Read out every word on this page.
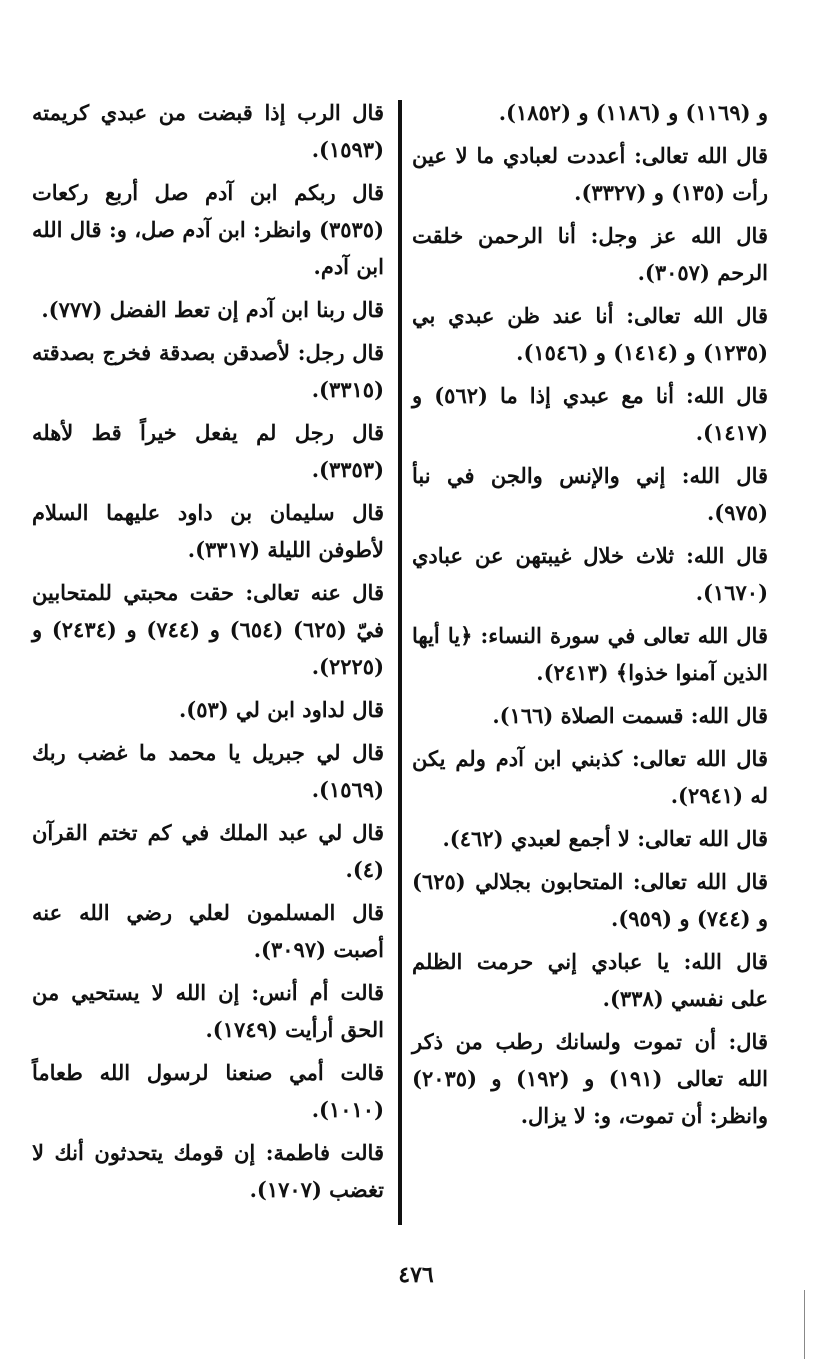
و (١١٦٩) و (١١٨٦) و (١٨٥٢).

قال الله تعالى: أعددت لعبادي ما لا عين رأت (١٣٥) و (٣٣٢٧).

قال الله عز وجل: أنا الرحمن خلقت الرحم (٣٠٥٧).

قال الله تعالى: أنا عند ظن عبدي بي (١٢٣٥) و (١٤١٤) و (١٥٤٦).

قال الله: أنا مع عبدي إذا ما (٥٦٢) و (١٤١٧).

قال الله: إني والإنس والجن في نبأ (٩٧٥).

قال الله: ثلاث خلال غيبتهن عن عبادي (١٦٧٠).

قال الله تعالى في سورة النساء: ﴿يا أيها الذين آمنوا خذوا﴾ (٢٤١٣).

قال الله: قسمت الصلاة (١٦٦).

قال الله تعالى: كذبني ابن آدم ولم يكن له (٢٩٤١).

قال الله تعالى: لا أجمع لعبدي (٤٦٢).

قال الله تعالى: المتحابون بجلالي (٦٢٥) و (٧٤٤) و (٩٥٩).

قال الله: يا عبادي إني حرمت الظلم على نفسي (٣٣٨).

قال: أن تموت ولسانك رطب من ذكر الله تعالى (١٩١) و (١٩٢) و (٢٠٣٥) وانظر: أن تموت، و: لا يزال.

قال الرب إذا قبضت من عبدي كريمته (١٥٩٣).

قال ربكم ابن آدم صل أربع ركعات (٣٥٣٥) وانظر: ابن آدم صل، و: قال الله ابن آدم.

قال ربنا ابن آدم إن تعط الفضل (٧٧٧).

قال رجل: لأصدقن بصدقة فخرج بصدقته (٣٣١٥).

قال رجل لم يفعل خيراً قط لأهله (٣٣٥٣).

قال سليمان بن داود عليهما السلام لأطوفن الليلة (٣٣١٧).

قال عنه تعالى: حقت محبتي للمتحابين فيّ (٦٢٥) (٦٥٤) و (٧٤٤) و (٢٤٣٤) و (٢٢٢٥).

قال لداود ابن لي (٥٣).

قال لي جبريل يا محمد ما غضب ربك (١٥٦٩).

قال لي عبد الملك في كم تختم القرآن (٤).

قال المسلمون لعلي رضي الله عنه أصبت (٣٠٩٧).

قالت أم أنس: إن الله لا يستحيي من الحق أرأيت (١٧٤٩).

قالت أمي صنعنا لرسول الله طعاماً (١٠١٠).

قالت فاطمة: إن قومك يتحدثون أنك لا تغضب (١٧٠٧).

٤٧٦
